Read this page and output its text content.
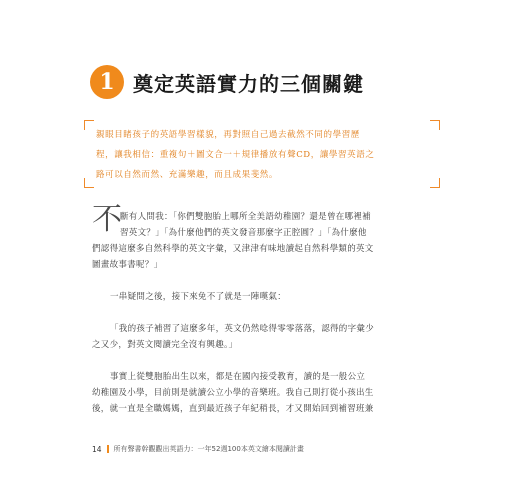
1 奠定英語實力的三個關鍵
親眼目睹孩子的英語學習樣貌，再對照自己過去截然不同的學習歷
程，讓我相信：重複句＋圖文合一＋規律播放有聲CD，讓學習英語之
路可以自然而然、充滿樂趣，而且成果斐然。
不
斷有人問我：「你們雙胞胎上哪所全美語幼稚園？還是曾在哪裡補
習英文？」「為什麼他們的英文發音那麼字正腔圓？」「為什麼他
們認得這麼多自然科學的英文字彙，又津津有味地讀起自然科學類的英文
圖畫故事書呢？」
一串疑問之後，接下來免不了就是一陣嘆氣：
「我的孩子補習了這麼多年，英文仍然唸得零零落落，認得的字彙少
之又少，對英文閱讀完全沒有興趣。」
事實上從雙胞胎出生以來，都是在國內接受教育，讀的是一般公立
幼稚園及小學，目前則是就讀公立小學的音樂班。我自己則打從小孩出生
後，就一直是全職媽媽，直到最近孩子年紀稍長，才又開始回到補習班兼
14 所有聲書幹觀觀出英語力：一年52週100本英文繪本閱讀計畫
